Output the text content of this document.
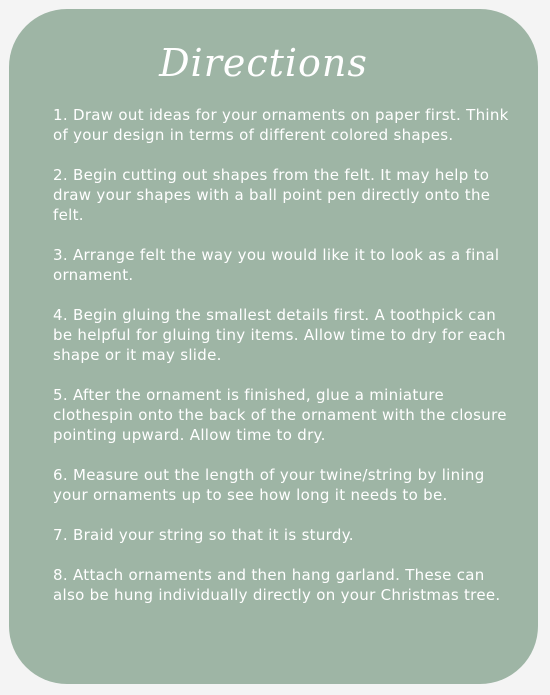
Directions
1. Draw out ideas for your ornaments on paper first. Think of your design in terms of different colored shapes.
2. Begin cutting out shapes from the felt. It may help to draw your shapes with a ball point pen directly onto the felt.
3. Arrange felt the way you would like it to look as a final ornament.
4. Begin gluing the smallest details first. A toothpick can be helpful for gluing tiny items. Allow time to dry for each shape or it may slide.
5. After the ornament is finished, glue a miniature clothespin onto the back of the ornament with the closure pointing upward. Allow time to dry.
6. Measure out the length of your twine/string by lining your ornaments up to see how long it needs to be.
7. Braid your string so that it is sturdy.
8. Attach ornaments and then hang garland. These can also be hung individually directly on your Christmas tree.
